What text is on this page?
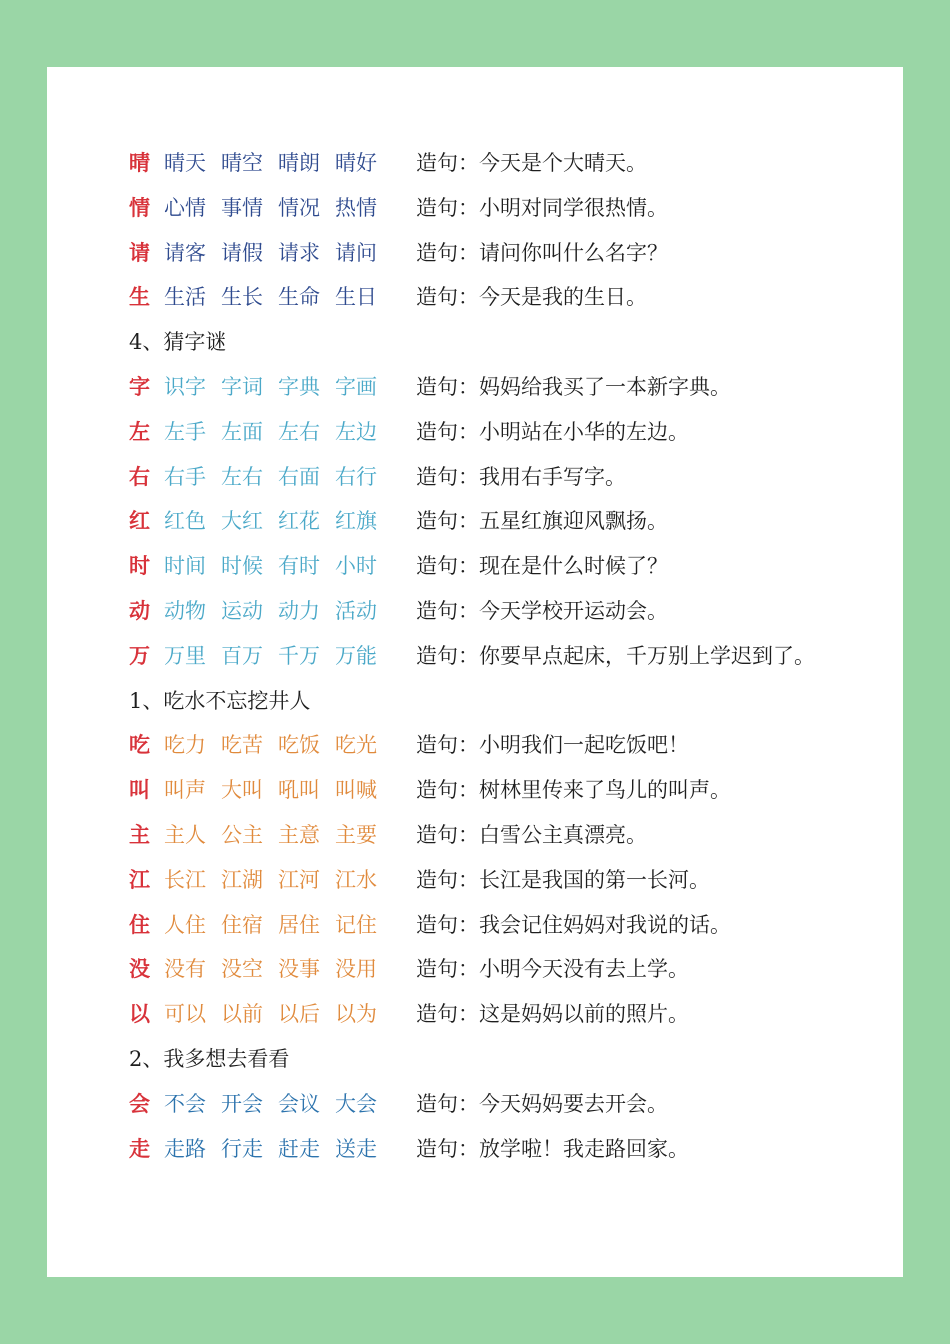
晴 晴天 晴空 晴朗 晴好 造句：今天是个大晴天。
情 心情 事情 情况 热情 造句：小明对同学很热情。
请 请客 请假 请求 请问 造句：请问你叫什么名字？
生 生活 生长 生命 生日 造句：今天是我的生日。
4、猜字谜
字 识字 字词 字典 字画 造句：妈妈给我买了一本新字典。
左 左手 左面 左右 左边 造句：小明站在小华的左边。
右 右手 左右 右面 右行 造句：我用右手写字。
红 红色 大红 红花 红旗 造句：五星红旗迎风飘扬。
时 时间 时候 有时 小时 造句：现在是什么时候了？
动 动物 运动 动力 活动 造句：今天学校开运动会。
万 万里 百万 千万 万能 造句：你要早点起床，千万别上学迟到了。
1、吃水不忘挖井人
吃 吃力 吃苦 吃饭 吃光 造句：小明我们一起吃饭吧！
叫 叫声 大叫 吼叫 叫喊 造句：树林里传来了鸟儿的叫声。
主 主人 公主 主意 主要 造句：白雪公主真漂亮。
江 长江 江湖 江河 江水 造句：长江是我国的第一长河。
住 人住 住宿 居住 记住 造句：我会记住妈妈对我说的话。
没 没有 没空 没事 没用 造句：小明今天没有去上学。
以 可以 以前 以后 以为 造句：这是妈妈以前的照片。
2、我多想去看看
会 不会 开会 会议 大会 造句：今天妈妈要去开会。
走 走路 行走 赶走 送走 造句：放学啦！我走路回家。
